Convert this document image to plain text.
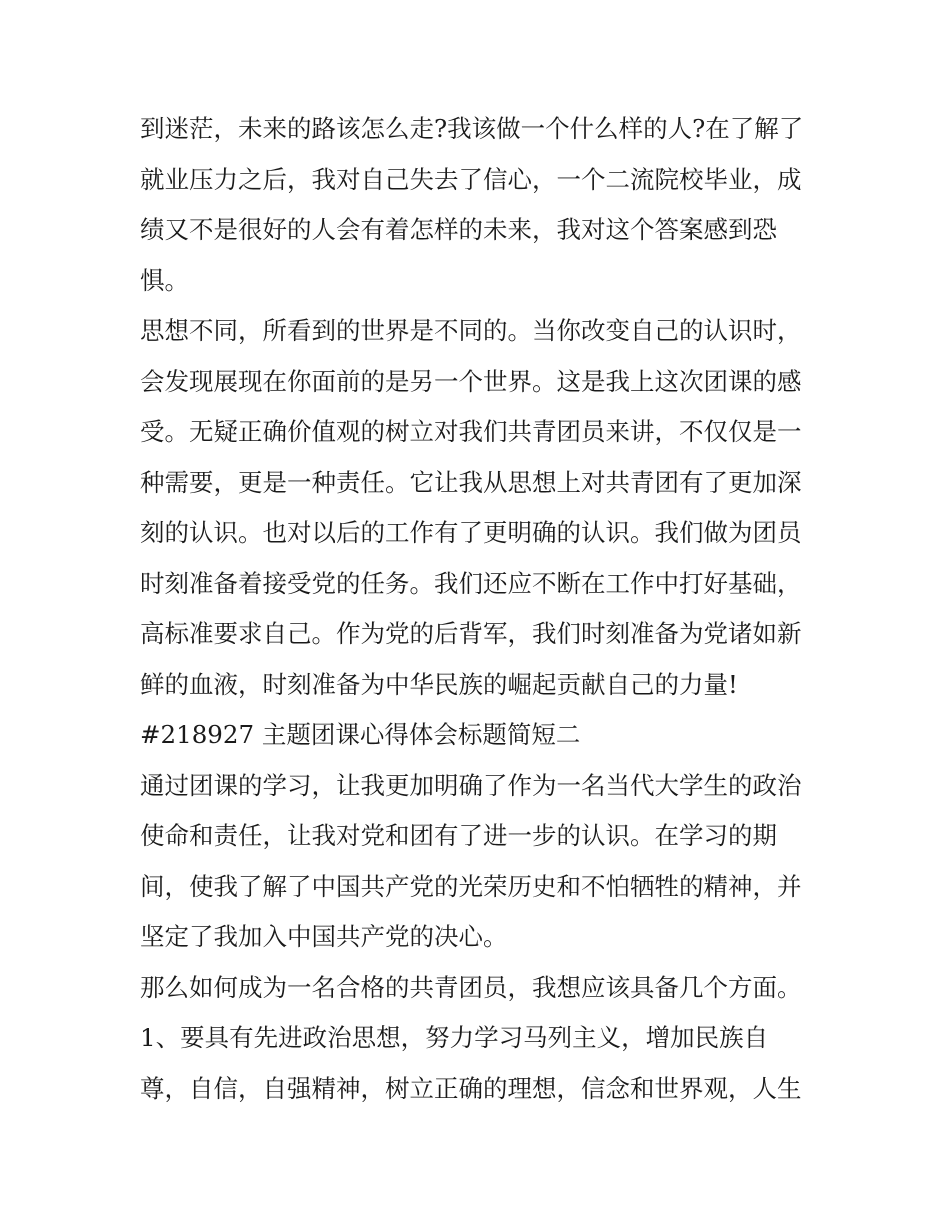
到迷茫，未来的路该怎么走?我该做一个什么样的人?在了解了
就业压力之后，我对自己失去了信心，一个二流院校毕业，成
绩又不是很好的人会有着怎样的未来，我对这个答案感到恐
惧。
思想不同，所看到的世界是不同的。当你改变自己的认识时，
会发现展现在你面前的是另一个世界。这是我上这次团课的感
受。无疑正确价值观的树立对我们共青团员来讲，不仅仅是一
种需要，更是一种责任。它让我从思想上对共青团有了更加深
刻的认识。也对以后的工作有了更明确的认识。我们做为团员
时刻准备着接受党的任务。我们还应不断在工作中打好基础，
高标准要求自己。作为党的后背军，我们时刻准备为党诸如新
鲜的血液，时刻准备为中华民族的崛起贡献自己的力量!
#218927 主题团课心得体会标题简短二
通过团课的学习，让我更加明确了作为一名当代大学生的政治
使命和责任，让我对党和团有了进一步的认识。在学习的期
间，使我了解了中国共产党的光荣历史和不怕牺牲的精神，并
坚定了我加入中国共产党的决心。
那么如何成为一名合格的共青团员，我想应该具备几个方面。
1、要具有先进政治思想，努力学习马列主义，增加民族自
尊，自信，自强精神，树立正确的理想，信念和世界观，人生
